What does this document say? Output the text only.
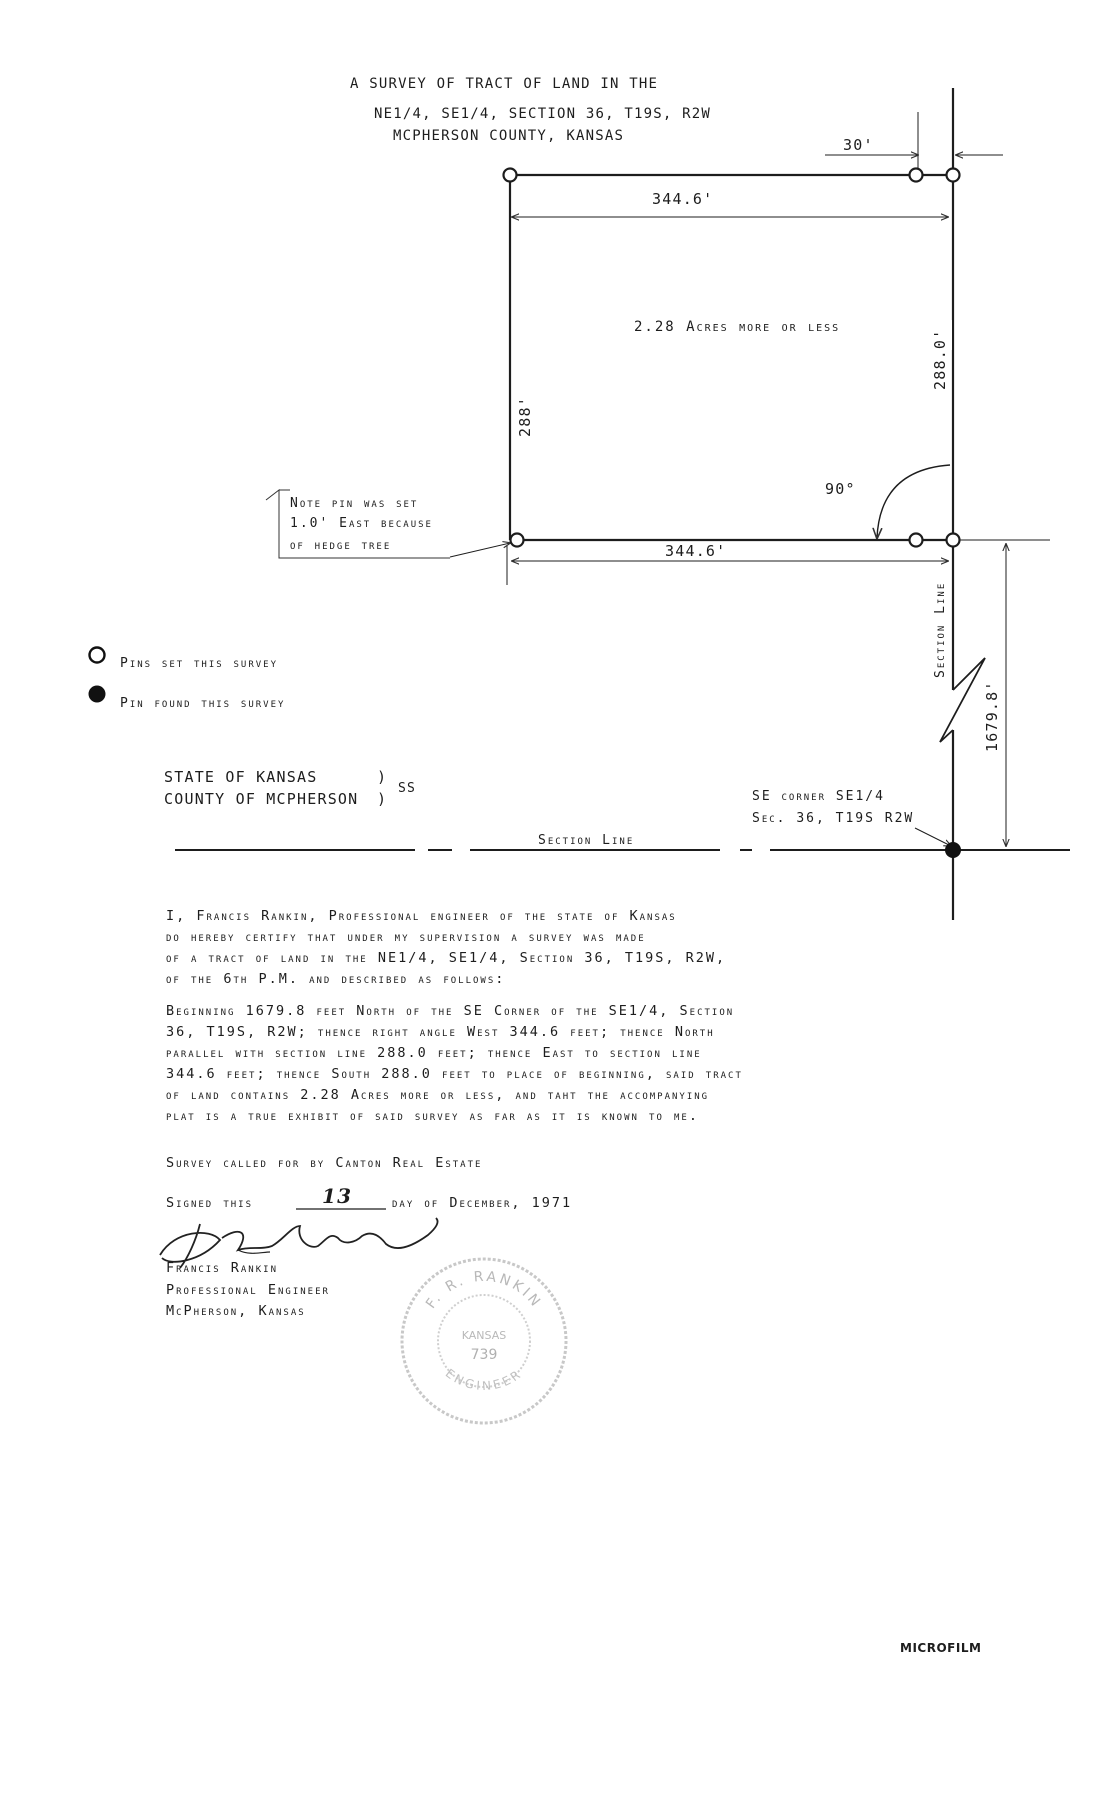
A SURVEY OF TRACT OF LAND IN THE
NE1/4, SE1/4, SECTION 36, T19S, R2W
MCPHERSON COUNTY, KANSAS	30'
344.6'
2.28 Acres more or less
288.0'
288'
90°
344.6'
Section Line
1679.8'
Note pin was set
1.0' East because
of hedge tree
Pins set this survey
Pin found this survey
STATE OF KANSAS
COUNTY OF MCPHERSON
)
)
SS
SE corner SE1/4
Sec. 36, T19S R2W
Section Line
I, Francis Rankin, Professional engineer of the state of Kansas
do hereby certify that under my supervision a survey was made
of a tract of land in the NE1/4, SE1/4, Section 36, T19S, R2W,
of the 6th P.M. and described as follows:
Beginning 1679.8 feet North of the SE Corner of the SE1/4, Section
36, T19S, R2W; thence right angle West 344.6 feet; thence North
parallel with section line 288.0 feet; thence East to section line
344.6 feet; thence South 288.0 feet to place of beginning, said tract
of land contains 2.28 Acres more or less, and taht the accompanying
plat is a true exhibit of said survey as far as it is known to me.
Survey called for by Canton Real Estate
Signed this	13	day of December, 1971
Francis Rankin
Professional Engineer
McPherson, Kansas	F. R. RANKIN
ENGINEER
KANSAS
739
MICROFILM
